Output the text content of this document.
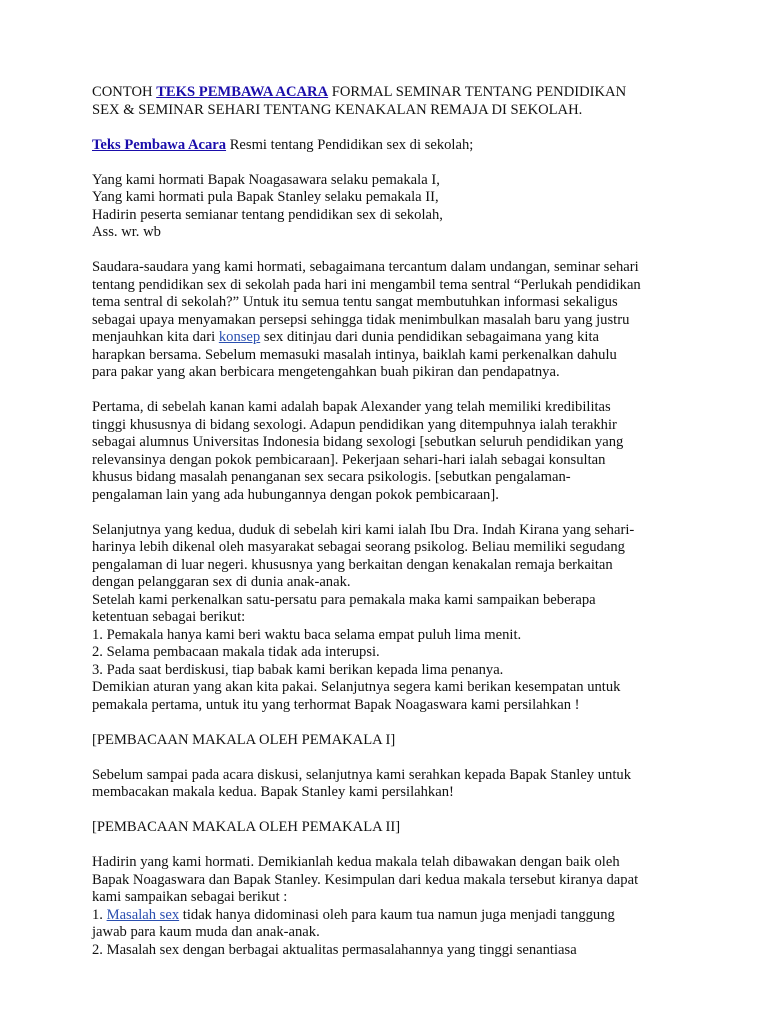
CONTOH TEKS PEMBAWA ACARA FORMAL SEMINAR TENTANG PENDIDIKAN
SEX & SEMINAR SEHARI TENTANG KENAKALAN REMAJA DI SEKOLAH.
Teks Pembawa Acara Resmi tentang Pendidikan sex di sekolah;
Yang kami hormati Bapak Noagasawara selaku pemakala I,
Yang kami hormati pula Bapak Stanley selaku pemakala II,
Hadirin peserta semianar tentang pendidikan sex di sekolah,
Ass. wr. wb
Saudara-saudara yang kami hormati, sebagaimana tercantum dalam undangan, seminar sehari
tentang pendidikan sex di sekolah pada hari ini mengambil tema sentral “Perlukah pendidikan
tema sentral di sekolah?” Untuk itu semua tentu sangat membutuhkan informasi sekaligus
sebagai upaya menyamakan persepsi sehingga tidak menimbulkan masalah baru yang justru
menjauhkan kita dari konsep sex ditinjau dari dunia pendidikan sebagaimana yang kita
harapkan bersama. Sebelum memasuki masalah intinya, baiklah kami perkenalkan dahulu
para pakar yang akan berbicara mengetengahkan buah pikiran dan pendapatnya.
Pertama, di sebelah kanan kami adalah bapak Alexander yang telah memiliki kredibilitas
tinggi khususnya di bidang sexologi. Adapun pendidikan yang ditempuhnya ialah terakhir
sebagai alumnus Universitas Indonesia bidang sexologi [sebutkan seluruh pendidikan yang
relevansinya dengan pokok pembicaraan]. Pekerjaan sehari-hari ialah sebagai konsultan
khusus bidang masalah penanganan sex secara psikologis. [sebutkan pengalaman-
pengalaman lain yang ada hubungannya dengan pokok pembicaraan].
Selanjutnya yang kedua, duduk di sebelah kiri kami ialah Ibu Dra. Indah Kirana yang sehari-
harinya lebih dikenal oleh masyarakat sebagai seorang psikolog. Beliau memiliki segudang
pengalaman di luar negeri. khususnya yang berkaitan dengan kenakalan remaja berkaitan
dengan pelanggaran sex di dunia anak-anak.
Setelah kami perkenalkan satu-persatu para pemakala maka kami sampaikan beberapa
ketentuan sebagai berikut:
1. Pemakala hanya kami beri waktu baca selama empat puluh lima menit.
2. Selama pembacaan makala tidak ada interupsi.
3. Pada saat berdiskusi, tiap babak kami berikan kepada lima penanya.
Demikian aturan yang akan kita pakai. Selanjutnya segera kami berikan kesempatan untuk
pemakala pertama, untuk itu yang terhormat Bapak Noagaswara kami persilahkan !
[PEMBACAAN MAKALA OLEH PEMAKALA I]
Sebelum sampai pada acara diskusi, selanjutnya kami serahkan kepada Bapak Stanley untuk
membacakan makala kedua. Bapak Stanley kami persilahkan!
[PEMBACAAN MAKALA OLEH PEMAKALA II]
Hadirin yang kami hormati. Demikianlah kedua makala telah dibawakan dengan baik oleh
Bapak Noagaswara dan Bapak Stanley. Kesimpulan dari kedua makala tersebut kiranya dapat
kami sampaikan sebagai berikut :
1. Masalah sex tidak hanya didominasi oleh para kaum tua namun juga menjadi tanggung
jawab para kaum muda dan anak-anak.
2. Masalah sex dengan berbagai aktualitas permasalahannya yang tinggi senantiasa
